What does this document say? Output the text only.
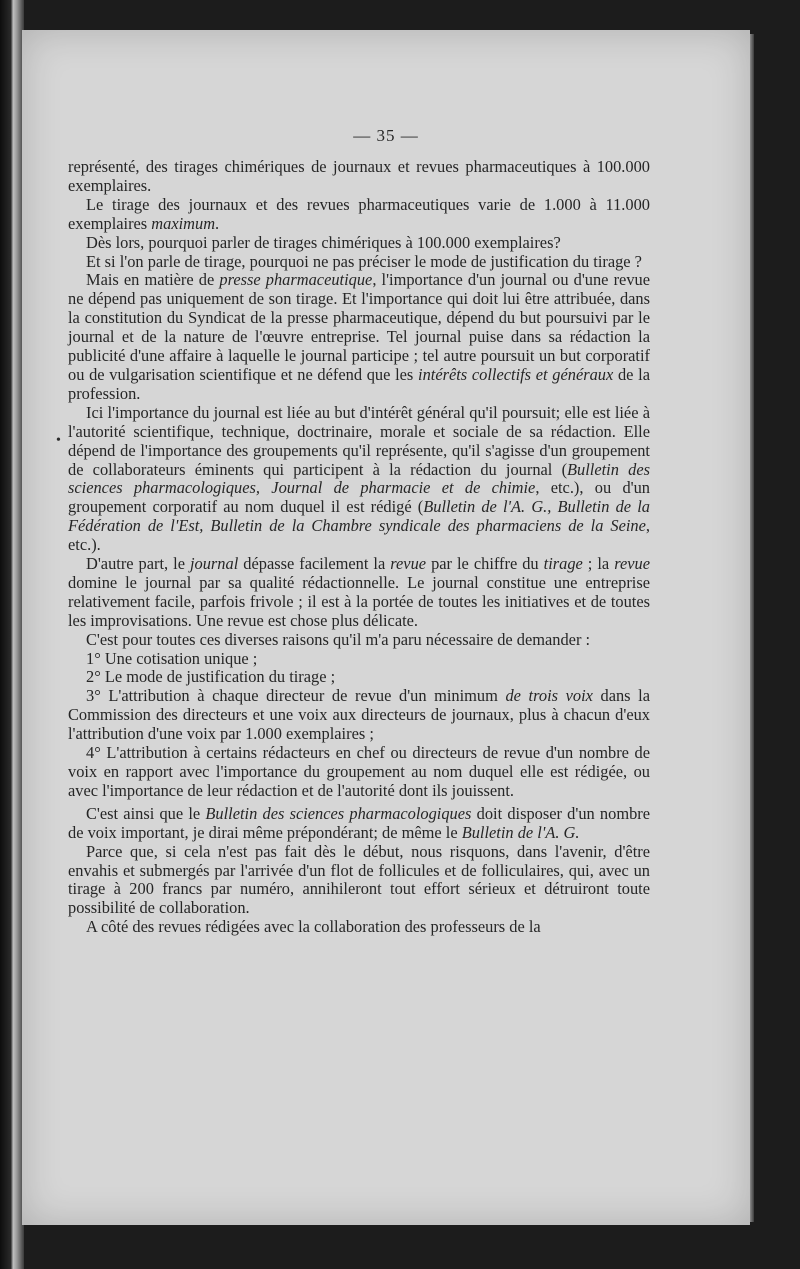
— 35 —
•

représenté, des tirages chimériques de journaux et revues pharmaceutiques à 100.000 exemplaires.

Le tirage des journaux et des revues pharmaceutiques varie de 1.000 à 11.000 exemplaires maximum.

Dès lors, pourquoi parler de tirages chimériques à 100.000 exemplaires?

Et si l'on parle de tirage, pourquoi ne pas préciser le mode de justification du tirage ?

Mais en matière de presse pharmaceutique, l'importance d'un journal ou d'une revue ne dépend pas uniquement de son tirage. Et l'importance qui doit lui être attribuée, dans la constitution du Syndicat de la presse pharmaceutique, dépend du but poursuivi par le journal et de la nature de l'œuvre entreprise. Tel journal puise dans sa rédaction la publicité d'une affaire à laquelle le journal participe ; tel autre poursuit un but corporatif ou de vulgarisation scientifique et ne défend que les intérêts collectifs et généraux de la profession.

Ici l'importance du journal est liée au but d'intérêt général qu'il poursuit; elle est liée à l'autorité scientifique, technique, doctrinaire, morale et sociale de sa rédaction. Elle dépend de l'importance des groupements qu'il représente, qu'il s'agisse d'un groupement de collaborateurs éminents qui participent à la rédaction du journal (Bulletin des sciences pharmacologiques, Journal de pharmacie et de chimie, etc.), ou d'un groupement corporatif au nom duquel il est rédigé (Bulletin de l'A. G., Bulletin de la Fédération de l'Est, Bulletin de la Chambre syndicale des pharmaciens de la Seine, etc.).

D'autre part, le journal dépasse facilement la revue par le chiffre du tirage ; la revue domine le journal par sa qualité rédactionnelle. Le journal constitue une entreprise relativement facile, parfois frivole ; il est à la portée de toutes les initiatives et de toutes les improvisations. Une revue est chose plus délicate.

C'est pour toutes ces diverses raisons qu'il m'a paru nécessaire de demander :

1° Une cotisation unique ;

2° Le mode de justification du tirage ;

3° L'attribution à chaque directeur de revue d'un minimum de trois voix dans la Commission des directeurs et une voix aux directeurs de journaux, plus à chacun d'eux l'attribution d'une voix par 1.000 exemplaires ;

4° L'attribution à certains rédacteurs en chef ou directeurs de revue d'un nombre de voix en rapport avec l'importance du groupement au nom duquel elle est rédigée, ou avec l'importance de leur rédaction et de l'autorité dont ils jouissent.

C'est ainsi que le Bulletin des sciences pharmacologiques doit disposer d'un nombre de voix important, je dirai même prépondérant; de même le Bulletin de l'A. G.

Parce que, si cela n'est pas fait dès le début, nous risquons, dans l'avenir, d'être envahis et submergés par l'arrivée d'un flot de follicules et de folliculaires, qui, avec un tirage à 200 francs par numéro, annihileront tout effort sérieux et détruiront toute possibilité de collaboration.

A côté des revues rédigées avec la collaboration des professeurs de la
